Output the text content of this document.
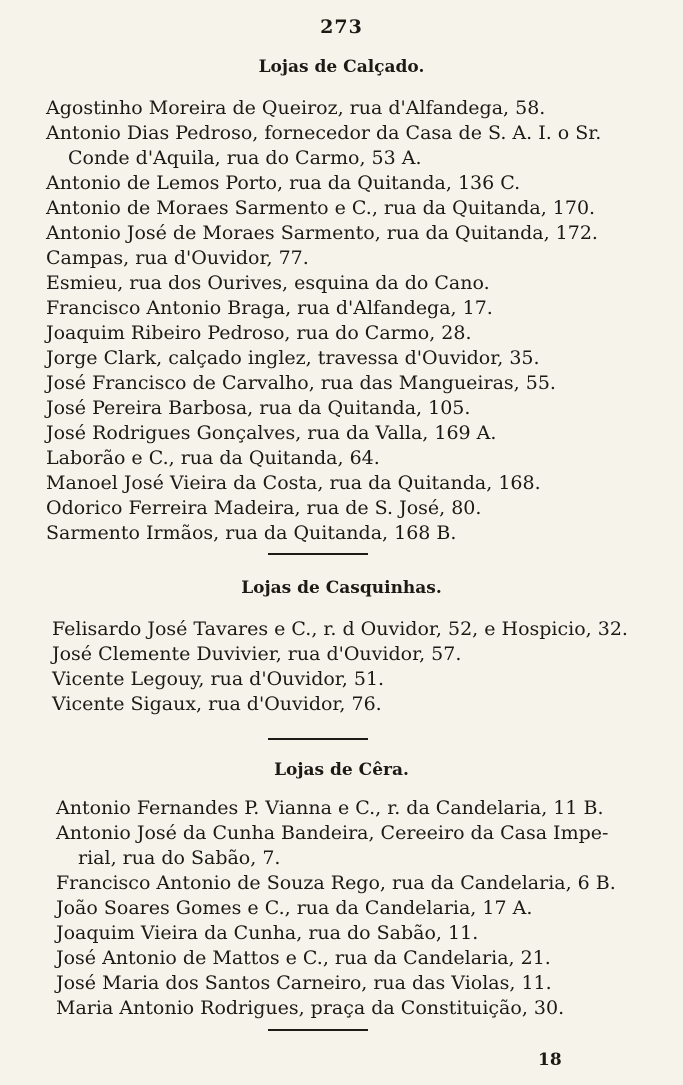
273
Lojas de Calçado.
Agostinho Moreira de Queiroz, rua d'Alfandega, 58.
Antonio Dias Pedroso, fornecedor da Casa de S. A. I. o Sr.
Conde d'Aquila, rua do Carmo, 53 A.
Antonio de Lemos Porto, rua da Quitanda, 136 C.
Antonio de Moraes Sarmento e C., rua da Quitanda, 170.
Antonio José de Moraes Sarmento, rua da Quitanda, 172.
Campas, rua d'Ouvidor, 77.
Esmieu, rua dos Ourives, esquina da do Cano.
Francisco Antonio Braga, rua d'Alfandega, 17.
Joaquim Ribeiro Pedroso, rua do Carmo, 28.
Jorge Clark, calçado inglez, travessa d'Ouvidor, 35.
José Francisco de Carvalho, rua das Mangueiras, 55.
José Pereira Barbosa, rua da Quitanda, 105.
José Rodrigues Gonçalves, rua da Valla, 169 A.
Laborão e C., rua da Quitanda, 64.
Manoel José Vieira da Costa, rua da Quitanda, 168.
Odorico Ferreira Madeira, rua de S. José, 80.
Sarmento Irmãos, rua da Quitanda, 168 B.
Lojas de Casquinhas.
Felisardo José Tavares e C., r. d Ouvidor, 52, e Hospicio, 32.
José Clemente Duvivier, rua d'Ouvidor, 57.
Vicente Legouy, rua d'Ouvidor, 51.
Vicente Sigaux, rua d'Ouvidor, 76.
Lojas de Cêra.
Antonio Fernandes P. Vianna e C., r. da Candelaria, 11 B.
Antonio José da Cunha Bandeira, Cereeiro da Casa Impe-
rial, rua do Sabão, 7.
Francisco Antonio de Souza Rego, rua da Candelaria, 6 B.
João Soares Gomes e C., rua da Candelaria, 17 A.
Joaquim Vieira da Cunha, rua do Sabão, 11.
José Antonio de Mattos e C., rua da Candelaria, 21.
José Maria dos Santos Carneiro, rua das Violas, 11.
Maria Antonio Rodrigues, praça da Constituição, 30.
18
